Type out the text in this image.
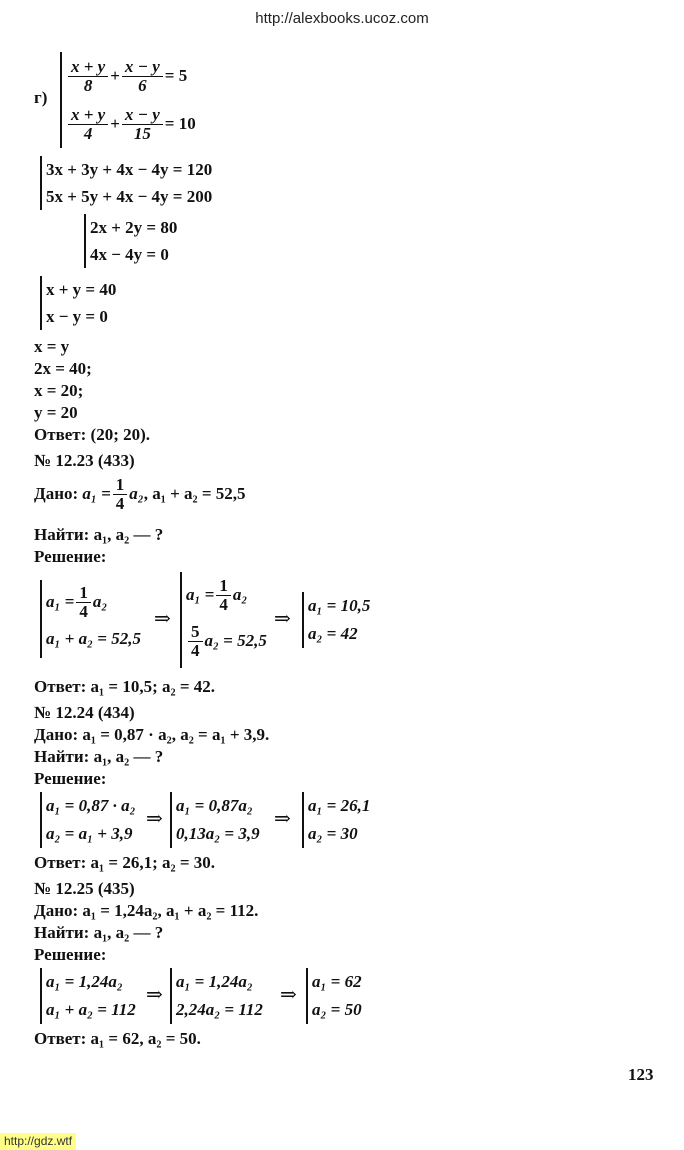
http://alexbooks.ucoz.com
г)
$\frac{x + y}{8} + \frac{x - y}{6} = 5$
$\frac{x + y}{4} + \frac{x - y}{15} = 10$
3x + 3y + 4x − 4y = 120
5x + 5y + 4x − 4y = 200
2x + 2y = 80
4x − 4y = 0
x + y = 40
x − y = 0
x = y
2x = 40;
x = 20;
y = 20
Ответ: (20; 20).
№ 12.23 (433)
Дано:
$a_1 = \frac{1}{4} a_2$ , a₁ + a₂ = 52,5
Найти: a₁, a₂ — ?
Решение:
$a_1 = \frac{1}{4} a_2$
a₁ + a₂ = 52,5
⇒
$a_1 = \frac{1}{4} a_2$
$\frac{5}{4} a_2 = 52,5$
⇒
a₁ = 10,5
a₂ = 42
Ответ: a₁ = 10,5; a₂ = 42.
№ 12.24 (434)
Дано: a₁ = 0,87 · a₂, a₂ = a₁ + 3,9.
Найти: a₁, a₂ — ?
Решение:
a₁ = 0,87 · a₂
a₂ = a₁ + 3,9
⇒
a₁ = 0,87a₂
0,13a₂ = 3,9
⇒
a₁ = 26,1
a₂ = 30
Ответ: a₁ = 26,1; a₂ = 30.
№ 12.25 (435)
Дано: a₁ = 1,24a₂, a₁ + a₂ = 112.
Найти: a₁, a₂ — ?
Решение:
a₁ = 1,24a₂
a₁ + a₂ = 112
⇒
a₁ = 1,24a₂
2,24a₂ = 112
⇒
a₁ = 62
a₂ = 50
Ответ: a₁ = 62, a₂ = 50.
123
http://gdz.wtf
